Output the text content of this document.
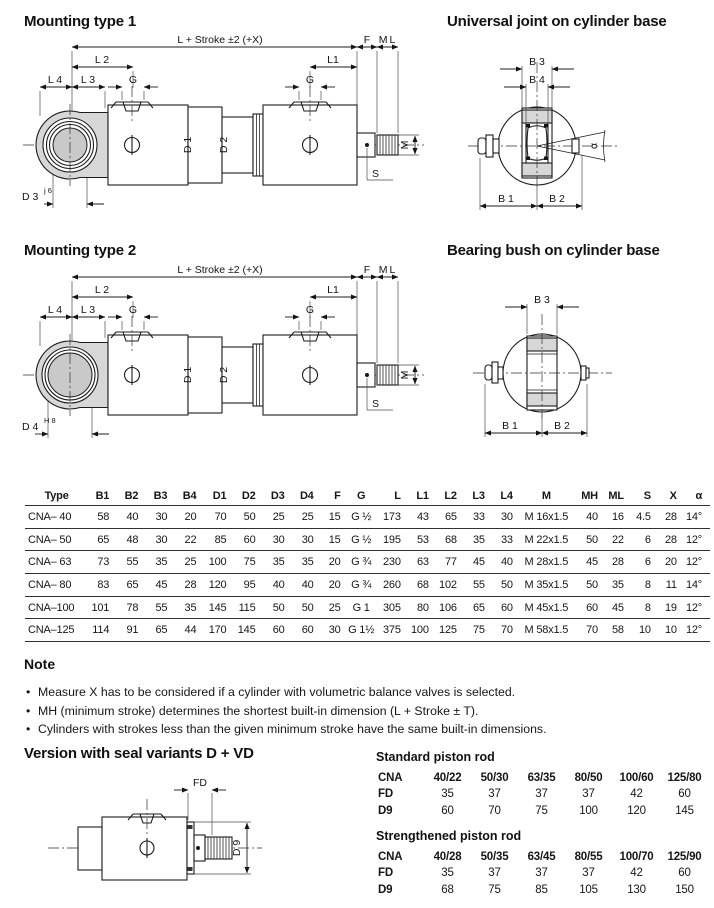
Mounting type 1	Universal joint on cylinder base
Mounting type 2	Bearing bush on cylinder base
L + Stroke ±2 (+X)	F ML
L 2	L1
L 4 L 3	G	G
D 1 D 2	M
S
D 3
j 6
B 3
B 4
B 1	B 2
α
L + Stroke ±2 (+X)	F ML
L 2	L1
L 4 L 3	G	G
D 1 D 2	M
S
D 4
H 8
B 3
B 1	B 2
Type	B1	B2	B3	B4	D1	D2	D3	D4	F	G	L	L1	L2	L3	L4	M	MH	ML	S	X	α
CNA– 40	58	40	30	20	70	50	25	25	15	G ½	173	43	65	33	30	M 16x1.5	40	16	4.5	28	14°
CNA– 50	65	48	30	22	85	60	30	30	15	G ½	195	53	68	35	33	M 22x1.5	50	22	6	28	12°
CNA– 63	73	55	35	25	100	75	35	35	20	G ¾	230	63	77	45	40	M 28x1.5	45	28	6	20	12°
CNA– 80	83	65	45	28	120	95	40	40	20	G ¾	260	68	102	55	50	M 35x1.5	50	35	8	11	14°
CNA–100	101	78	55	35	145	115	50	50	25	G 1	305	80	106	65	60	M 45x1.5	60	45	8	19	12°
CNA–125	114	91	65	44	170	145	60	60	30	G 1½	375	100	125	75	70	M 58x1.5	70	58	10	10	12°
Note
• Measure X has to be considered if a cylinder with volumetric balance valves is selected.
• MH (minimum stroke) determines the shortest built-in dimension (L + Stroke ± T).
• Cylinders with strokes less than the given minimum stroke have the same built-in dimensions.
Version with seal variants D + VD
FD
D 9
Standard piston rod
CNA	40/22	50/30	63/35	80/50	100/60	125/80
FD	35	37	37	37	42	60
D9	60	70	75	100	120	145
Strengthened piston rod
CNA	40/28	50/35	63/45	80/55	100/70	125/90
FD	35	37	37	37	42	60
D9	68	75	85	105	130	150
